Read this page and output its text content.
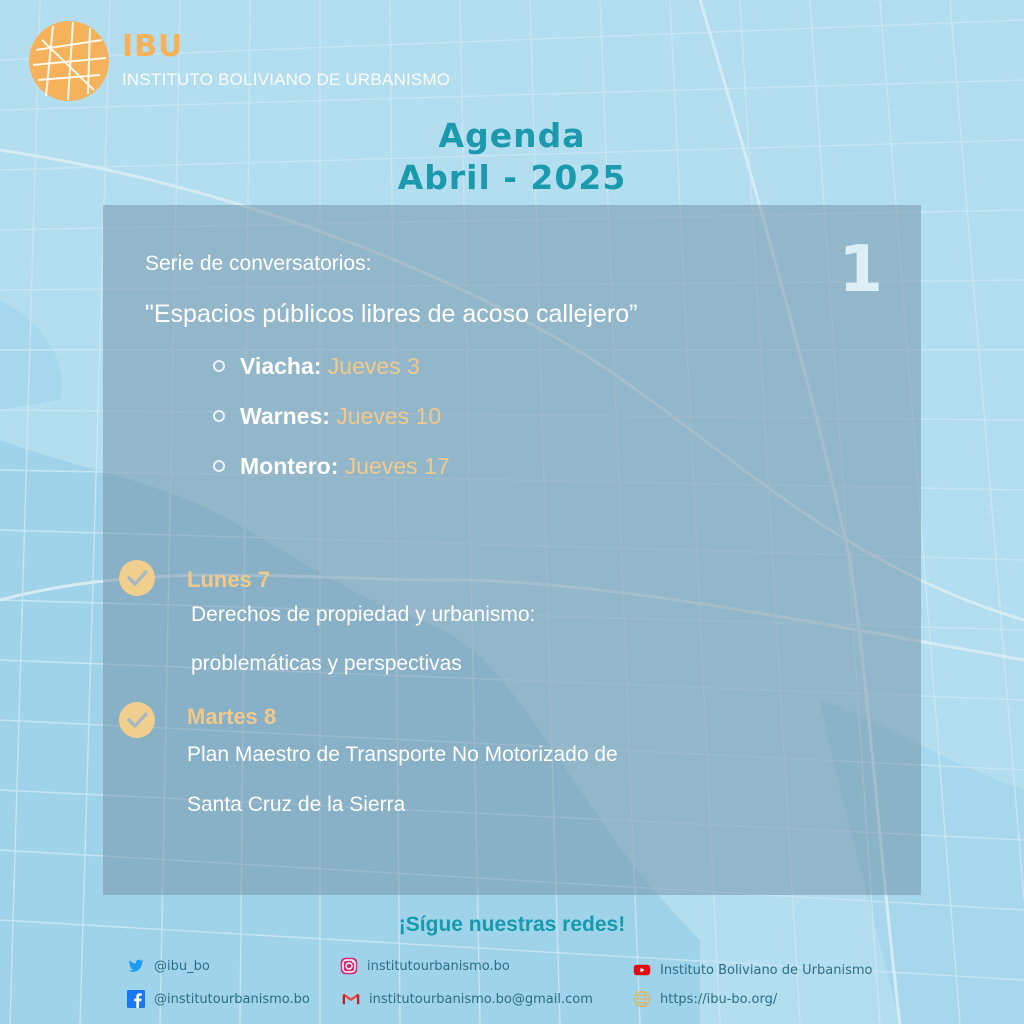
IBU
INSTITUTO BOLIVIANO DE URBANISMO
Agenda
Abril - 2025
1
Serie de conversatorios:
"Espacios públicos libres de acoso callejero”
Viacha: Jueves 3
Warnes: Jueves 10
Montero: Jueves 17
Lunes 7
Derechos de propiedad y urbanismo:
problemáticas y perspectivas
Martes 8
Plan Maestro de Transporte No Motorizado de
Santa Cruz de la Sierra
¡Sígue nuestras redes!
@ibu_bo
@institutourbanismo.bo
institutourbanismo.bo
institutourbanismo.bo@gmail.com
Instituto Boliviano de Urbanismo
https://ibu-bo.org/
